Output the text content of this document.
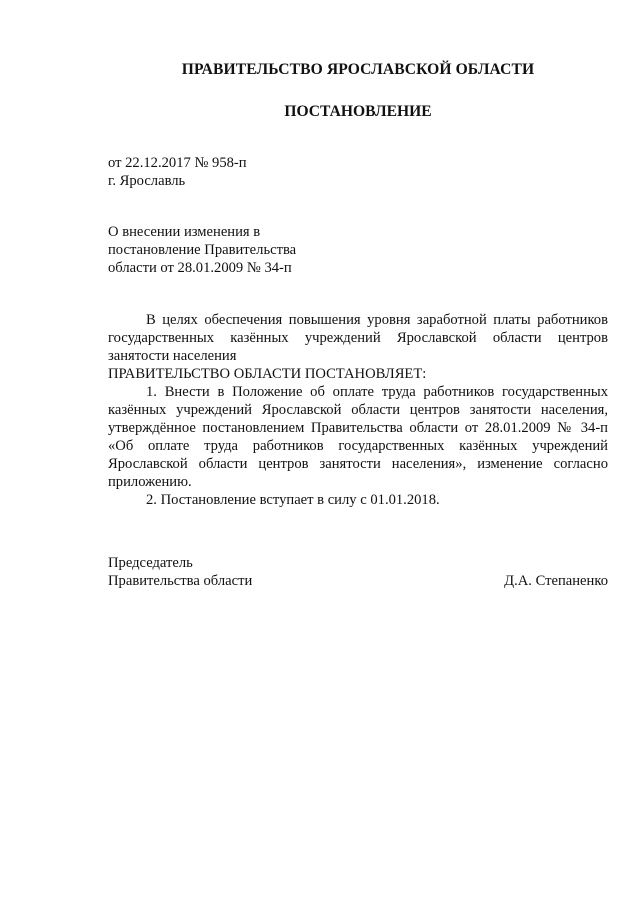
ПРАВИТЕЛЬСТВО ЯРОСЛАВСКОЙ ОБЛАСТИ
ПОСТАНОВЛЕНИЕ
от 22.12.2017 № 958-п
г. Ярославль
О внесении изменения в
постановление Правительства
области от 28.01.2009 № 34-п

В целях обеспечения повышения уровня заработной платы работников государственных казённых учреждений Ярославской области центров занятости населения

ПРАВИТЕЛЬСТВО ОБЛАСТИ ПОСТАНОВЛЯЕТ:

1. Внести в Положение об оплате труда работников государственных казённых учреждений Ярославской области центров занятости населения, утверждённое постановлением Правительства области от 28.01.2009 № 34-п «Об оплате труда работников государственных казённых учреждений Ярославской области центров занятости населения», изменение согласно приложению.

2. Постановление вступает в силу с 01.01.2018.

Председатель
Правительства области	Д.А. Степаненко
